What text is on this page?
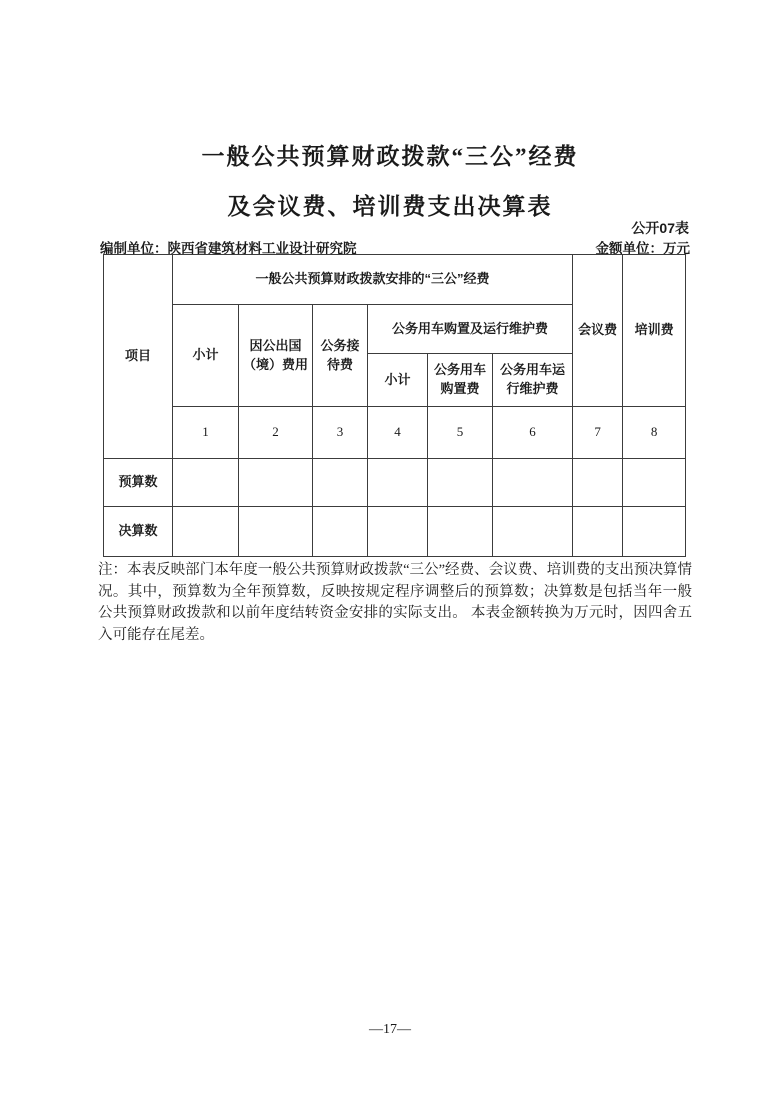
一般公共预算财政拨款“三公”经费
及会议费、培训费支出决算表
公开07表
编制单位：陕西省建筑材料工业设计研究院	金额单位：万元
项目	一般公共预算财政拨款安排的“三公”经费						会议费	培训费
	小计	因公出国（境）费用	公务接待费	公务用车购置及运行维护费				
				小计	公务用车购置费	公务用车运行维护费		
	1	2	3	4	5	6	7	8
预算数								
决算数								
注：本表反映部门本年度一般公共预算财政拨款“三公”经费、会议费、培训费的支出预决算情况。其中，预算数为全年预算数，反映按规定程序调整后的预算数；决算数是包括当年一般公共预算财政拨款和以前年度结转资金安排的实际支出。 本表金额转换为万元时，因四舍五入可能存在尾差。
—17—
